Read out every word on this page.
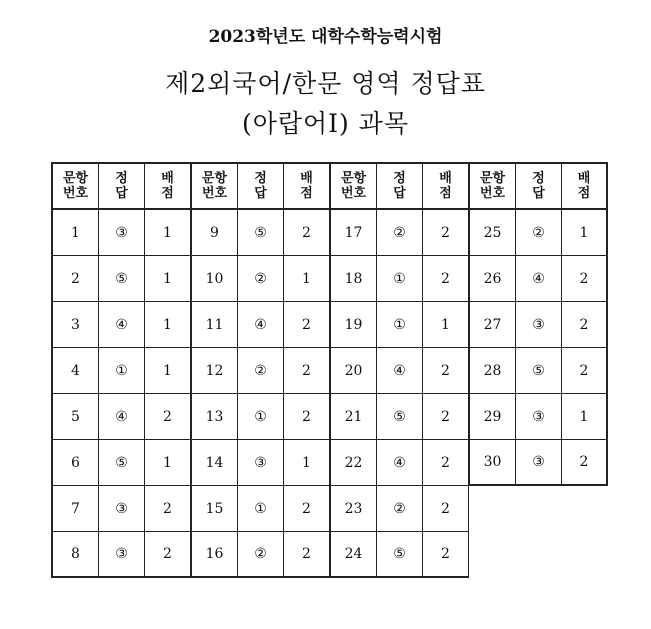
2023학년도 대학수학능력시험
제2외국어/한문 영역 정답표
(아랍어Ⅰ) 과목
문항
번호
정 답
배 점
1	③	1
2	⑤	1
3	④	1
4	①	1
5	④	2
6	⑤	1
7	③	2
8	③	2
문항
번호
정 답
배 점
9	⑤	2
10	②	1
11	④	2
12	②	2
13	①	2
14	③	1
15	①	2
16	②	2
문항
번호
정 답
배 점
17	②	2
18	①	2
19	①	1
20	④	2
21	⑤	2
22	④	2
23	②	2
24	⑤	2
문항
번호
정 답
배 점
25	②	1
26	④	2
27	③	2
28	⑤	2
29	③	1
30	③	2
